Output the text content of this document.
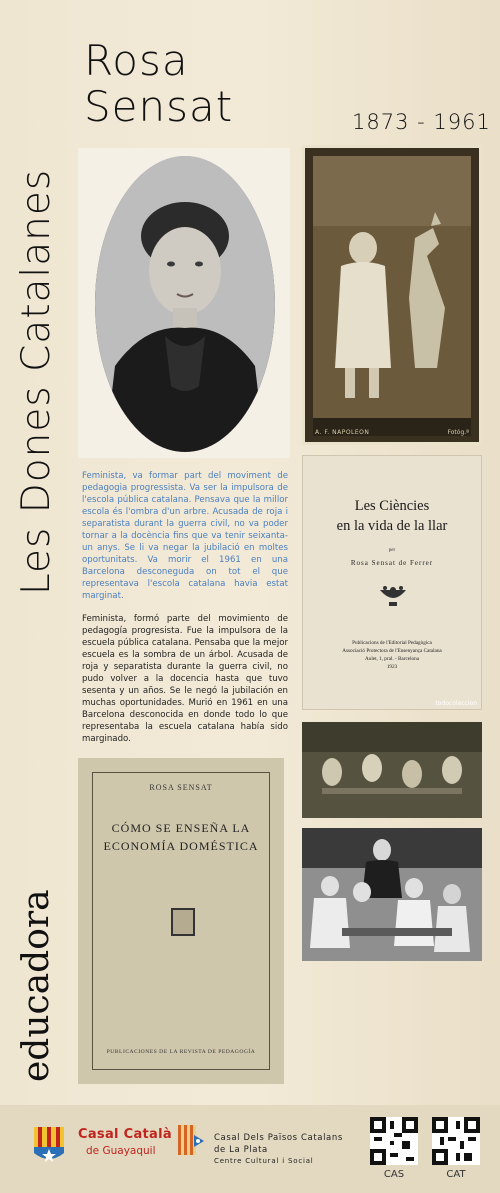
Rosa
Sensat	1873 - 1961
Les Dones Catalanes
educadora

Feminista, va formar part del moviment de pedagogia progressista. Va ser la impulsora de l'escola pública catalana. Pensava que la millor escola és l'ombra d'un arbre. Acusada de roja i separatista durant la guerra civil, no va poder tornar a la docència fins que va tenir seixanta-un anys. Se li va negar la jubilació en moltes oportunitats. Va morir el 1961 en una Barcelona desconeguda on tot el que representava l'escola catalana havia estat marginat.

Feminista, formó parte del movimiento de pedagogía progresista. Fue la impulsora de la escuela pública catalana. Pensaba que la mejor escuela es la sombra de un árbol. Acusada de roja y separatista durante la guerra civil, no pudo volver a la docencia hasta que tuvo sesenta y un años. Se le negó la jubilación en muchas oportunidades. Murió en 1961 en una Barcelona desconocida en donde todo lo que representaba la escuela catalana había sido marginado.

A. F. NAPOLEON	Fotóg.ª
Les Ciències
en la vida de la llar
per
Rosa Sensat de Ferrer
Publicacions de l'Editorial Pedagògica
Associació Protectora de l'Ensenyança Catalana
Aulet, 1, pral. - Barcelona
1923
todocoleccion
ROSA SENSAT
CÓMO SE ENSEÑA LA
ECONOMÍA DOMÉSTICA
PUBLICACIONES DE LA REVISTA DE PEDAGOGÍA
Casal Català
de Guayaquil
Casal Dels Països Catalans
de La Plata
Centre Cultural i Social
CAS	CAT
